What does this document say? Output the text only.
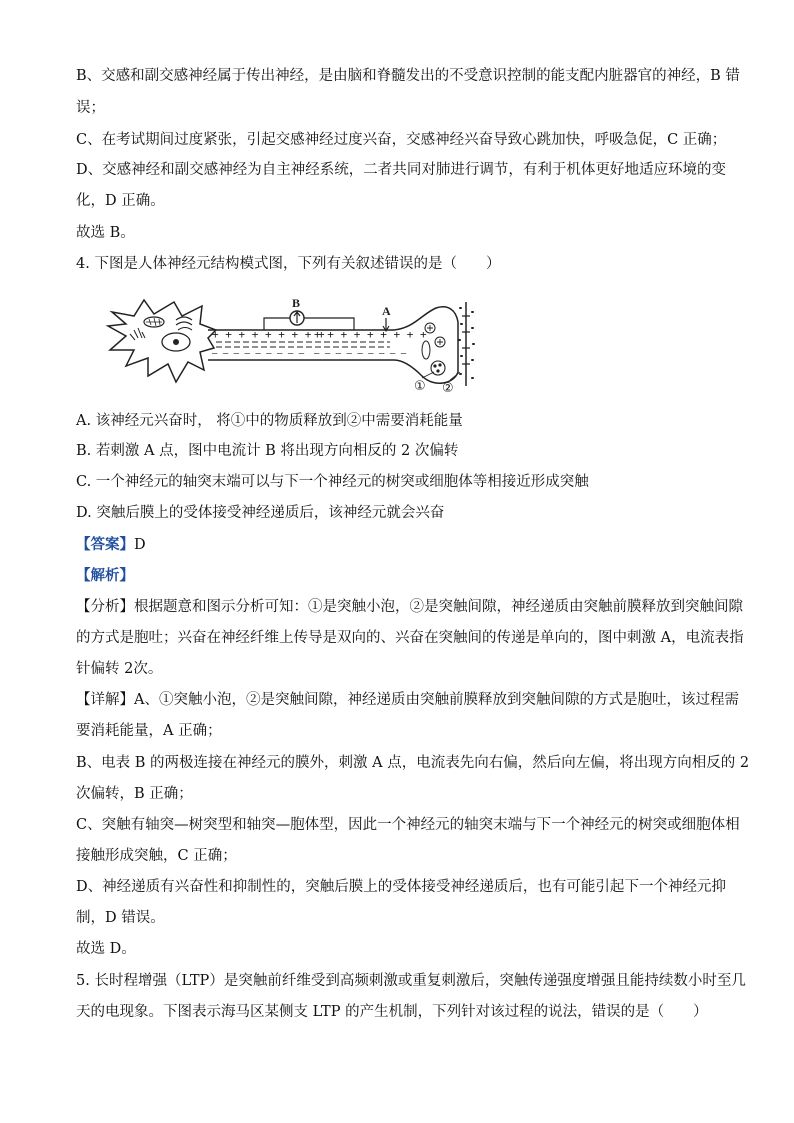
B、交感和副交感神经属于传出神经，是由脑和脊髓发出的不受意识控制的能支配内脏器官的神经，B 错
误；
C、在考试期间过度紧张，引起交感神经过度兴奋，交感神经兴奋导致心跳加快，呼吸急促，C 正确；
D、交感神经和副交感神经为自主神经系统，二者共同对肺进行调节，有利于机体更好地适应环境的变
化，D 正确。
故选 B。
4. 下图是人体神经元结构模式图，下列有关叙述错误的是（　　）
+ + + + + + + + +
— — — — — — — — —
+ + + + + + + + +
— — — — — — — — —
B
A
① ②
A. 该神经元兴奋时， 将①中的物质释放到②中需要消耗能量
B. 若刺激 A 点，图中电流计 B 将出现方向相反的 2 次偏转
C. 一个神经元的轴突末端可以与下一个神经元的树突或细胞体等相接近形成突触
D. 突触后膜上的受体接受神经递质后，该神经元就会兴奋
【答案】D
【解析】
【分析】根据题意和图示分析可知：①是突触小泡，②是突触间隙，神经递质由突触前膜释放到突触间隙
的方式是胞吐；兴奋在神经纤维上传导是双向的、兴奋在突触间的传递是单向的，图中刺激 A，电流表指
针偏转 2次。
【详解】A、①突触小泡，②是突触间隙，神经递质由突触前膜释放到突触间隙的方式是胞吐，该过程需
要消耗能量，A 正确；
B、电表 B 的两极连接在神经元的膜外，刺激 A 点，电流表先向右偏，然后向左偏，将出现方向相反的 2
次偏转，B 正确；
C、突触有轴突—树突型和轴突—胞体型，因此一个神经元的轴突末端与下一个神经元的树突或细胞体相
接触形成突触，C 正确；
D、神经递质有兴奋性和抑制性的，突触后膜上的受体接受神经递质后，也有可能引起下一个神经元抑
制，D 错误。
故选 D。
5. 长时程增强（LTP）是突触前纤维受到高频刺激或重复刺激后，突触传递强度增强且能持续数小时至几
天的电现象。下图表示海马区某侧支 LTP 的产生机制，下列针对该过程的说法，错误的是（　　）
